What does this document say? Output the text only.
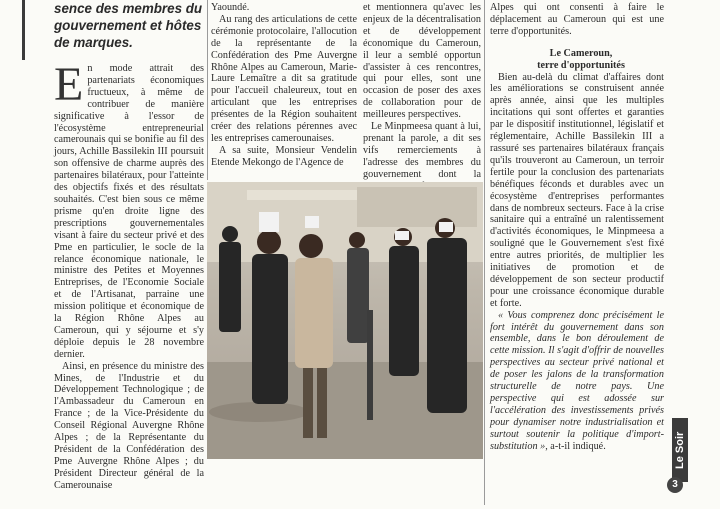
sence des membres du
gouvernement et hôtes
de marques.

En mode attrait des partenariats économiques fructueux, à même de contribuer de manière significative à l'essor de l'écosystème entrepreneurial camerounais qui se bonifie au fil des jours, Achille Bassilekin III poursuit son offensive de charme auprès des partenaires bilatéraux, pour l'atteinte des objectifs fixés et des résultats souhaités. C'est bien sous ce même prisme qu'en droite ligne des prescriptions gouvernementales visant à faire du secteur privé et des Pme en particulier, le socle de la relance économique nationale, le ministre des Petites et Moyennes Entreprises, de l'Economie Sociale et de l'Artisanat, parraine une mission politique et économique de la Région Rhône Alpes au Cameroun, qui y séjourne et s'y déploie depuis le 28 novembre dernier.

Ainsi, en présence du ministre des Mines, de l'Industrie et du Développement Technologique ; de l'Ambassadeur du Cameroun en France ; de la Vice-Présidente du Conseil Régional Auvergne Rhône Alpes ; de la Représentante du Président de la Confédération des Pme Auvergne Rhône Alpes ; du Président Directeur général de la Camerounaise

Yaoundé.

Au rang des articulations de cette cérémonie protocolaire, l'allocution de la représentante de la Confédération des Pme Auvergne Rhône Alpes au Cameroun, Marie-Laure Lemaître a dit sa gratitude pour l'accueil chaleureux, tout en articulant que les entreprises présentes de la Région souhaitent créer des relations pérennes avec les entreprises camerounaises.

A sa suite, Monsieur Vendelin Etende Mekongo de l'Agence de

et mentionnera qu'avec les enjeux de la décentralisation et de développement économique du Cameroun, il leur a semblé opportun d'assister à ces rencontres, qui pour elles, sont une occasion de poser des axes de collaboration pour de meilleures perspectives.

Le Minpmeesa quant à lui, prenant la parole, a dit ses vifs remerciements à l'adresse des membres du gouvernement dont la

Alpes qui ont consenti à faire le déplacement au Cameroun qui est une terre d'opportunités.

Le Cameroun,

terre d'opportunités

Bien au-delà du climat d'affaires dont les améliorations se construisent année après année, ainsi que les multiples incitations qui sont offertes et garanties par le dispositif institutionnel, législatif et réglementaire, Achille Bassilekin III a rassuré ses partenaires bilatéraux français qu'ils trouveront au Cameroun, un terroir fertile pour la conclusion des partenariats bénéfiques féconds et durables avec un écosystème d'entreprises performantes dans de nombreux secteurs. Face à la crise sanitaire qui a entraîné un ralentissement d'activités économiques, le Minpmeesa a souligné que le Gouvernement s'est fixé entre autres priorités, de multiplier les initiatives de promotion et de développement de son secteur productif pour une croissance économique durable et forte.

« Vous comprenez donc précisément le fort intérêt du gouvernement dans son ensemble, dans le bon déroulement de cette mission. Il s'agit d'offrir de nouvelles perspectives au secteur privé national et de poser les jalons de la transformation structurelle de notre pays. Une perspective qui est adossée sur l'accélération des investissements privés pour dynamiser notre industrialisation et surtout soutenir la politique d'import-substitution », a-t-il indiqué.	Le Soir
3
